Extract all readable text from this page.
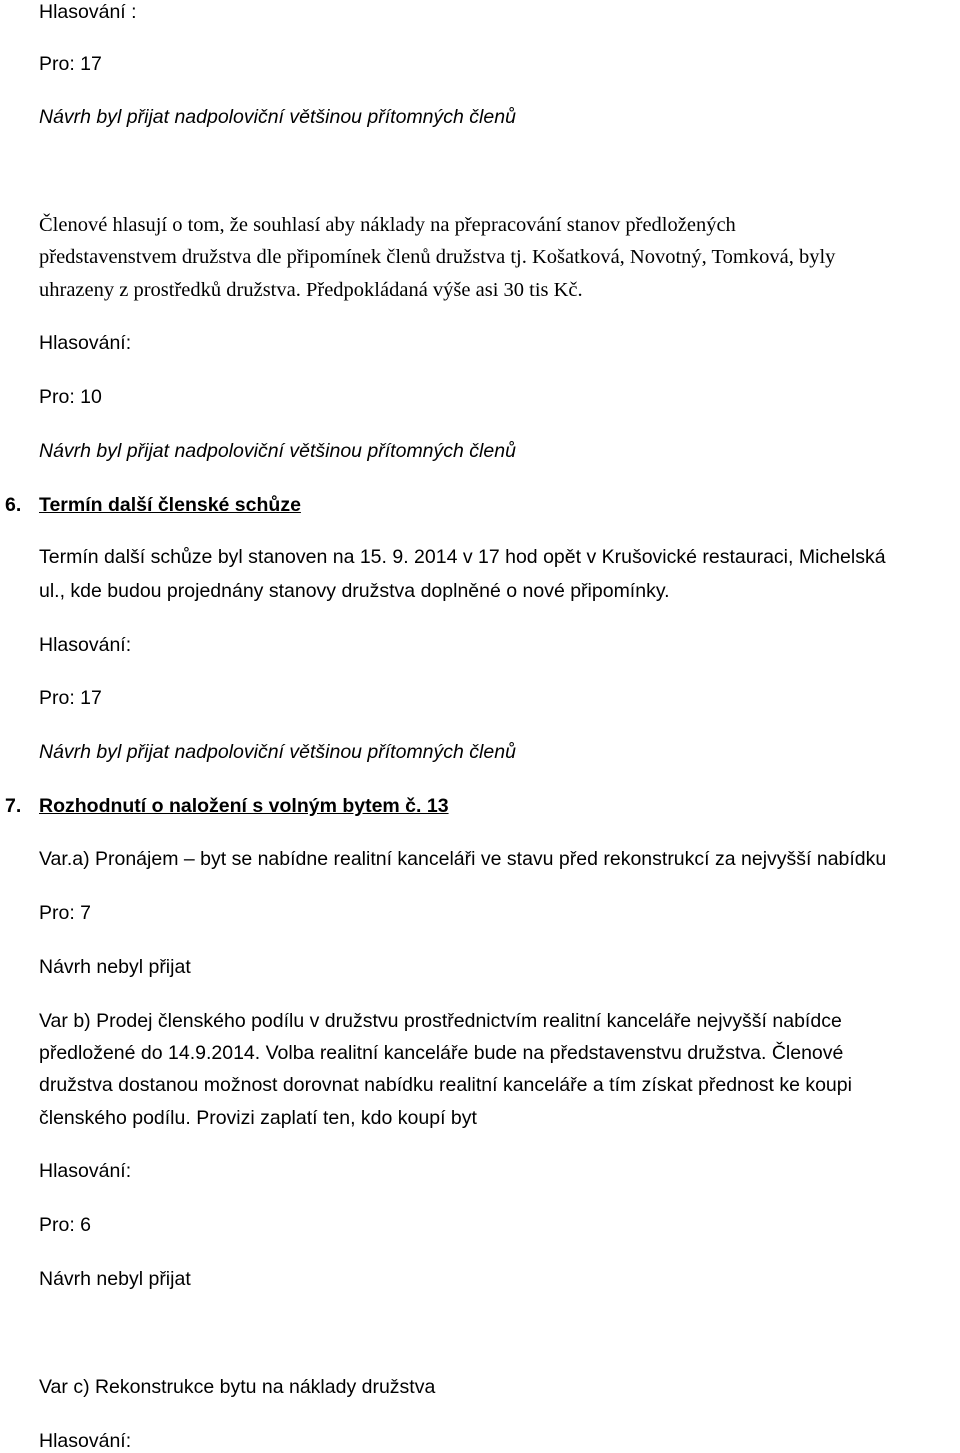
Hlasování :
Pro: 17
Návrh byl přijat nadpoloviční většinou přítomných členů
Členové hlasují o tom, že souhlasí aby náklady na přepracování stanov předložených
představenstvem družstva dle připomínek členů družstva tj. Košatková, Novotný, Tomková, byly
uhrazeny z prostředků družstva. Předpokládaná výše asi 30 tis Kč.
Hlasování:
Pro: 10
Návrh byl přijat nadpoloviční většinou přítomných členů
6. Termín další členské schůze
Termín další schůze byl stanoven na 15. 9. 2014 v 17 hod opět v Krušovické restauraci, Michelská
ul., kde budou projednány stanovy družstva doplněné o nové připomínky.
Hlasování:
Pro: 17
Návrh byl přijat nadpoloviční většinou přítomných členů
7. Rozhodnutí o naložení s volným bytem č. 13
Var.a) Pronájem – byt se nabídne realitní kanceláři ve stavu před rekonstrukcí za nejvyšší nabídku
Pro: 7
Návrh nebyl přijat
Var b) Prodej členského podílu v družstvu prostřednictvím realitní kanceláře nejvyšší nabídce
předložené do 14.9.2014. Volba realitní kanceláře bude na představenstvu družstva. Členové
družstva dostanou možnost dorovnat nabídku realitní kanceláře a tím získat přednost ke koupi
členského podílu. Provizi zaplatí ten, kdo koupí byt
Hlasování:
Pro: 6
Návrh nebyl přijat
Var c) Rekonstrukce bytu na náklady družstva
Hlasování:
